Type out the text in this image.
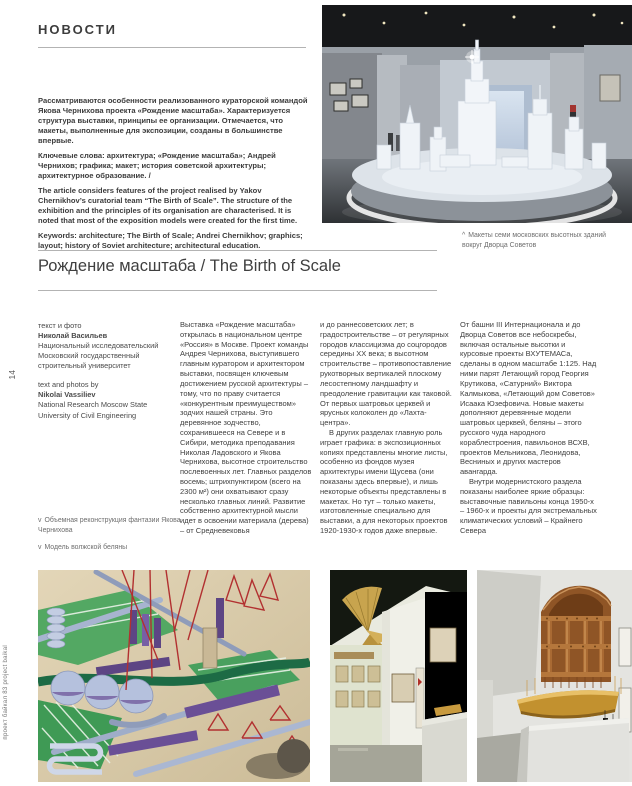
14
проект байкал 83 project baikal
НОВОСТИ

Рассматриваются особенности реализованного кураторской командой Якова Чернихова проекта «Рождение масштаба». Характеризуется структура выставки, принципы ее организации. Отмечается, что макеты, выполненные для экспозиции, созданы в большинстве впервые.

Ключевые слова: архитектура; «Рождение масштаба»; Андрей Чернихов; графика; макет; история советской архитектуры; архитектурное образование. /

The article considers features of the project realised by Yakov Chernikhov’s curatorial team “The Birth of Scale”. The structure of the exhibition and the principles of its organisation are characterised. It is noted that most of the exposition models were created for the first time.

Keywords: architecture; The Birth of Scale; Andrei Chernikhov; graphics; layout; history of Soviet architecture; architectural education.

^ Макеты семи московских высотных зданий вокруг Дворца Советов
Рождение масштаба / The Birth of Scale
текст и фото
Николай Васильев
Национальный исследовательский
Московский государственный
строительный университет
text and photos by
Nikolai Vassiliev
National Research Moscow State
University of Civil Engineering

Выставка «Рождение масштаба» открылась в национальном центре «Россия» в Москве. Проект команды Андрея Чернихова, выступившего главным куратором и архитектором выставки, посвящен ключевым достижением русской архитектуры – тому, что по праву считается «конкурентным преимуществом» зодчих нашей страны. Это деревянное зодчество, сохранившееся на Севере и в Сибири, методика преподавания Николая Ладовского и Якова Чернихова, высотное строительство послевоенных лет. Главных разделов восемь; штрихпунктиром (всего на 2300 м²) они охватывают сразу несколько главных линий. Развитие собственно архитектурной мысли идет в освоении материала (дерева) – от Средневековья

и до раннесоветских лет; в градостроительстве – от регулярных городов классицизма до соцгородов середины XX века; в высотном строительстве – противопоставление рукотворных вертикалей плоскому лесостепному ландшафту и преодоление гравитации как таковой. От первых шатровых церквей и ярусных колоколен до «Лахта-центра».

В других разделах главную роль играет графика: в экспозиционных копиях представлены многие листы, особенно из фондов музея архитектуры имени Щусева (они показаны здесь впервые), и лишь некоторые объекты представлены в макетах. Но тут – только макеты, изготовленные специально для выставки, а для некоторых проектов 1920-1930-х годов даже впервые.

От башни III Интернационала и до Дворца Советов все небоскребы, включая остальные высотки и курсовые проекты ВХУТЕМАСа, сделаны в одном масштабе 1:125. Над ними парят Летающий город Георгия Крутикова, «Сатурний» Виктора Калмыкова, «Летающий дом Советов» Исаака Юзефовича. Новые макеты дополняют деревянные модели шатровых церквей, беляны – этого русского чуда народного кораблестроения, павильонов ВСХВ, проектов Мельникова, Леонидова, Весниных и других мастеров авангарда.

Внутри модернистского раздела показаны наиболее яркие образцы: выставочные павильоны конца 1950-х – 1960-х и проекты для экстремальных климатических условий – Крайнего Севера

v Объемная реконструкция фантазии Якова Чернихова
v Модель волжской беляны
